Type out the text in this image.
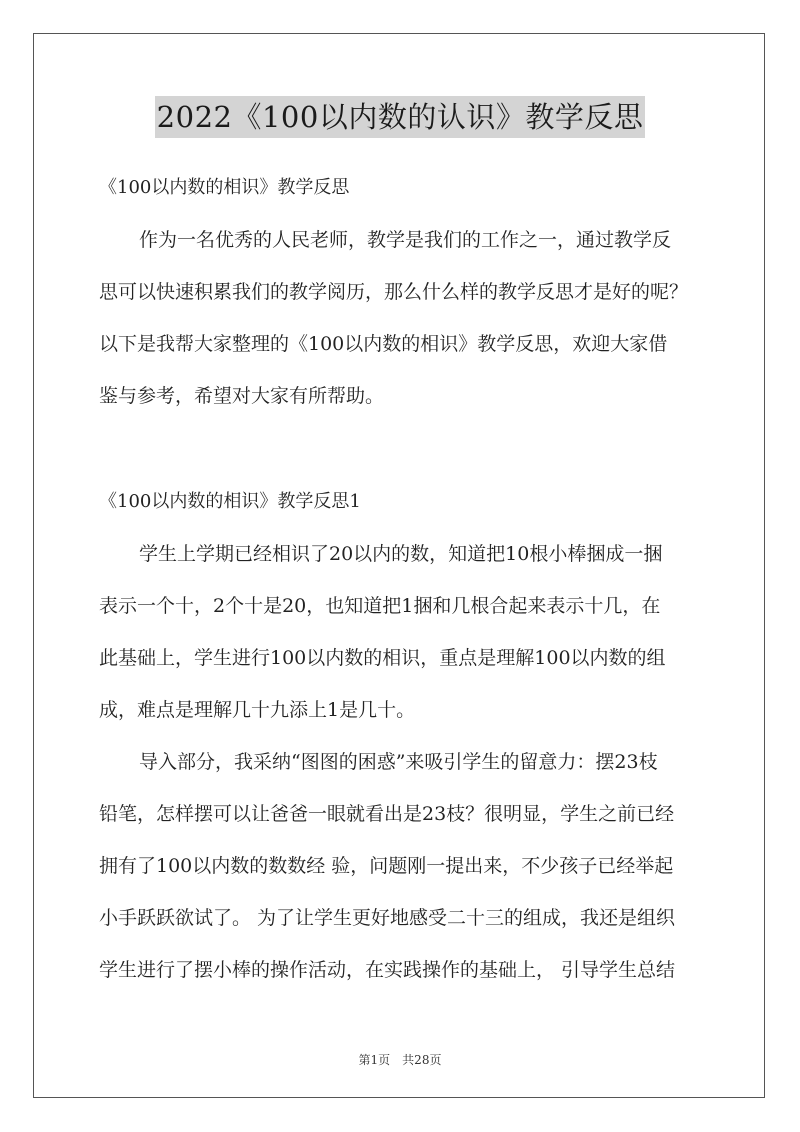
2022《100以内数的认识》教学反思
《100以内数的相识》教学反思
作为一名优秀的人民老师，教学是我们的工作之一，通过教学反
思可以快速积累我们的教学阅历，那么什么样的教学反思才是好的呢？
以下是我帮大家整理的《100以内数的相识》教学反思，欢迎大家借
鉴与参考，希望对大家有所帮助。
《100以内数的相识》教学反思1
学生上学期已经相识了20以内的数，知道把10根小棒捆成一捆
表示一个十，2个十是20，也知道把1捆和几根合起来表示十几，在
此基础上，学生进行100以内数的相识，重点是理解100以内数的组
成，难点是理解几十九添上1是几十。
导入部分，我采纳“图图的困惑”来吸引学生的留意力：摆23枝
铅笔，怎样摆可以让爸爸一眼就看出是23枝？很明显，学生之前已经
拥有了100以内数的数数经 验，问题刚一提出来，不少孩子已经举起
小手跃跃欲试了。 为了让学生更好地感受二十三的组成，我还是组织
学生进行了摆小棒的操作活动，在实践操作的基础上， 引导学生总结
第1页　共28页
